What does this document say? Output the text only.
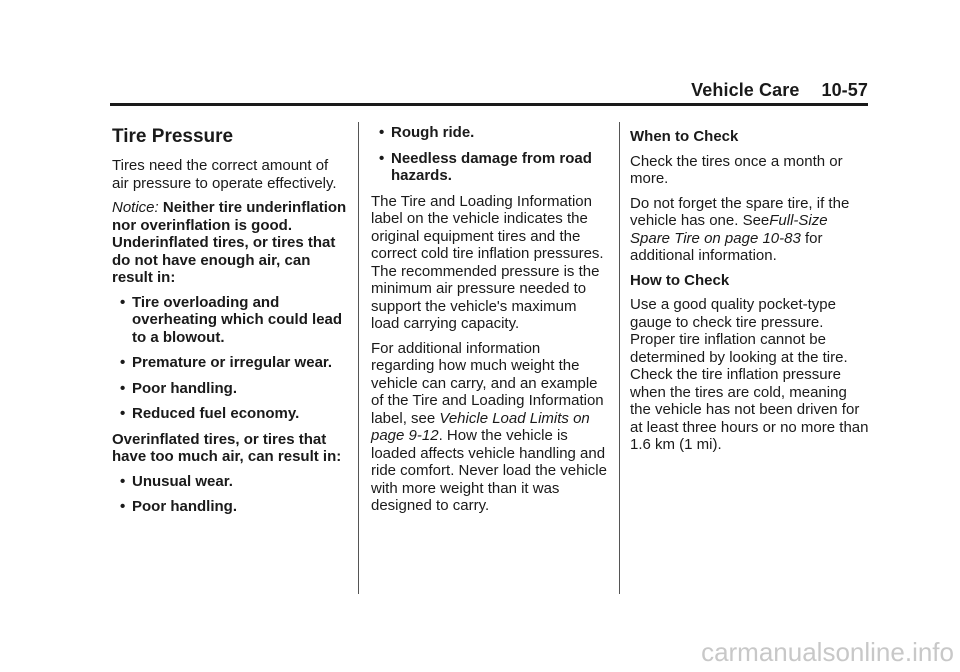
Vehicle Care 10-57
Tire Pressure

Tires need the correct amount of air pressure to operate effectively.

Notice: Neither tire underinflation nor overinflation is good. Underinflated tires, or tires that do not have enough air, can result in:

• Tire overloading and overheating which could lead to a blowout.
• Premature or irregular wear.
• Poor handling.
• Reduced fuel economy.

Overinflated tires, or tires that have too much air, can result in:

• Unusual wear.
• Poor handling.
• Rough ride.
• Needless damage from road hazards.

The Tire and Loading Information label on the vehicle indicates the original equipment tires and the correct cold tire inflation pressures. The recommended pressure is the minimum air pressure needed to support the vehicle's maximum load carrying capacity.

For additional information regarding how much weight the vehicle can carry, and an example of the Tire and Loading Information label, see Vehicle Load Limits on page 9-12. How the vehicle is loaded affects vehicle handling and ride comfort. Never load the vehicle with more weight than it was designed to carry.

When to Check

Check the tires once a month or more.

Do not forget the spare tire, if the vehicle has one. SeeFull-Size Spare Tire on page 10-83 for additional information.

How to Check

Use a good quality pocket-type gauge to check tire pressure. Proper tire inflation cannot be determined by looking at the tire. Check the tire inflation pressure when the tires are cold, meaning the vehicle has not been driven for at least three hours or no more than 1.6 km (1 mi).

carmanualsonline.info
